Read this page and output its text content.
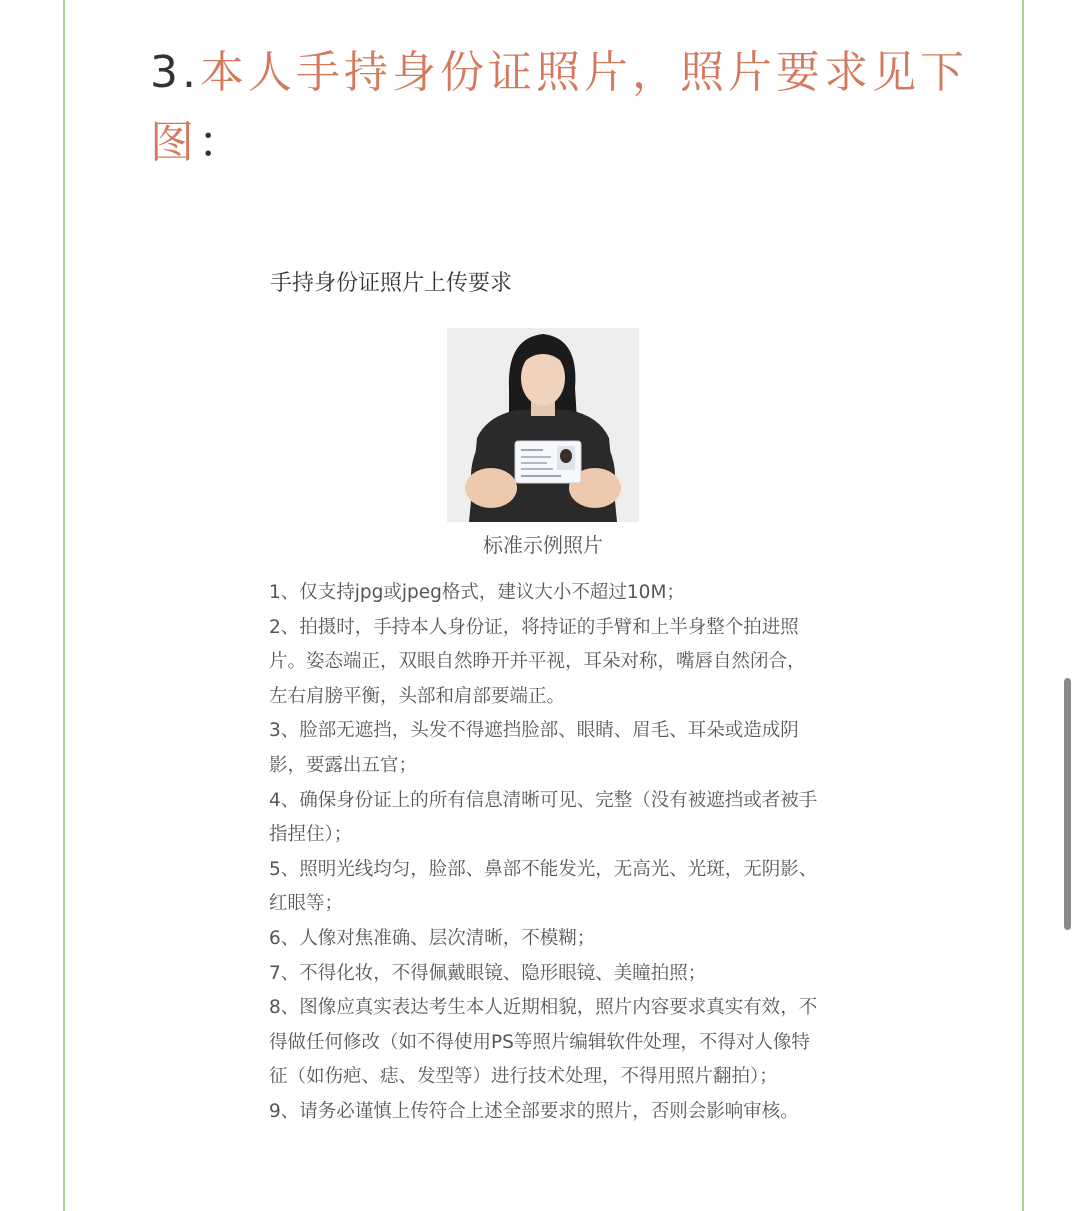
3.本人手持身份证照片，照片要求见下图：
手持身份证照片上传要求
标准示例照片
1、仅支持jpg或jpeg格式，建议大小不超过10M；
2、拍摄时，手持本人身份证，将持证的手臂和上半身整个拍进照片。姿态端正，双眼自然睁开并平视，耳朵对称，嘴唇自然闭合，左右肩膀平衡，头部和肩部要端正。
3、脸部无遮挡，头发不得遮挡脸部、眼睛、眉毛、耳朵或造成阴影，要露出五官；
4、确保身份证上的所有信息清晰可见、完整（没有被遮挡或者被手指捏住）；
5、照明光线均匀，脸部、鼻部不能发光，无高光、光斑，无阴影、红眼等；
6、人像对焦准确、层次清晰，不模糊；
7、不得化妆，不得佩戴眼镜、隐形眼镜、美瞳拍照；
8、图像应真实表达考生本人近期相貌，照片内容要求真实有效，不得做任何修改（如不得使用PS等照片编辑软件处理，不得对人像特征（如伤疤、痣、发型等）进行技术处理，不得用照片翻拍）；
9、请务必谨慎上传符合上述全部要求的照片，否则会影响审核。
